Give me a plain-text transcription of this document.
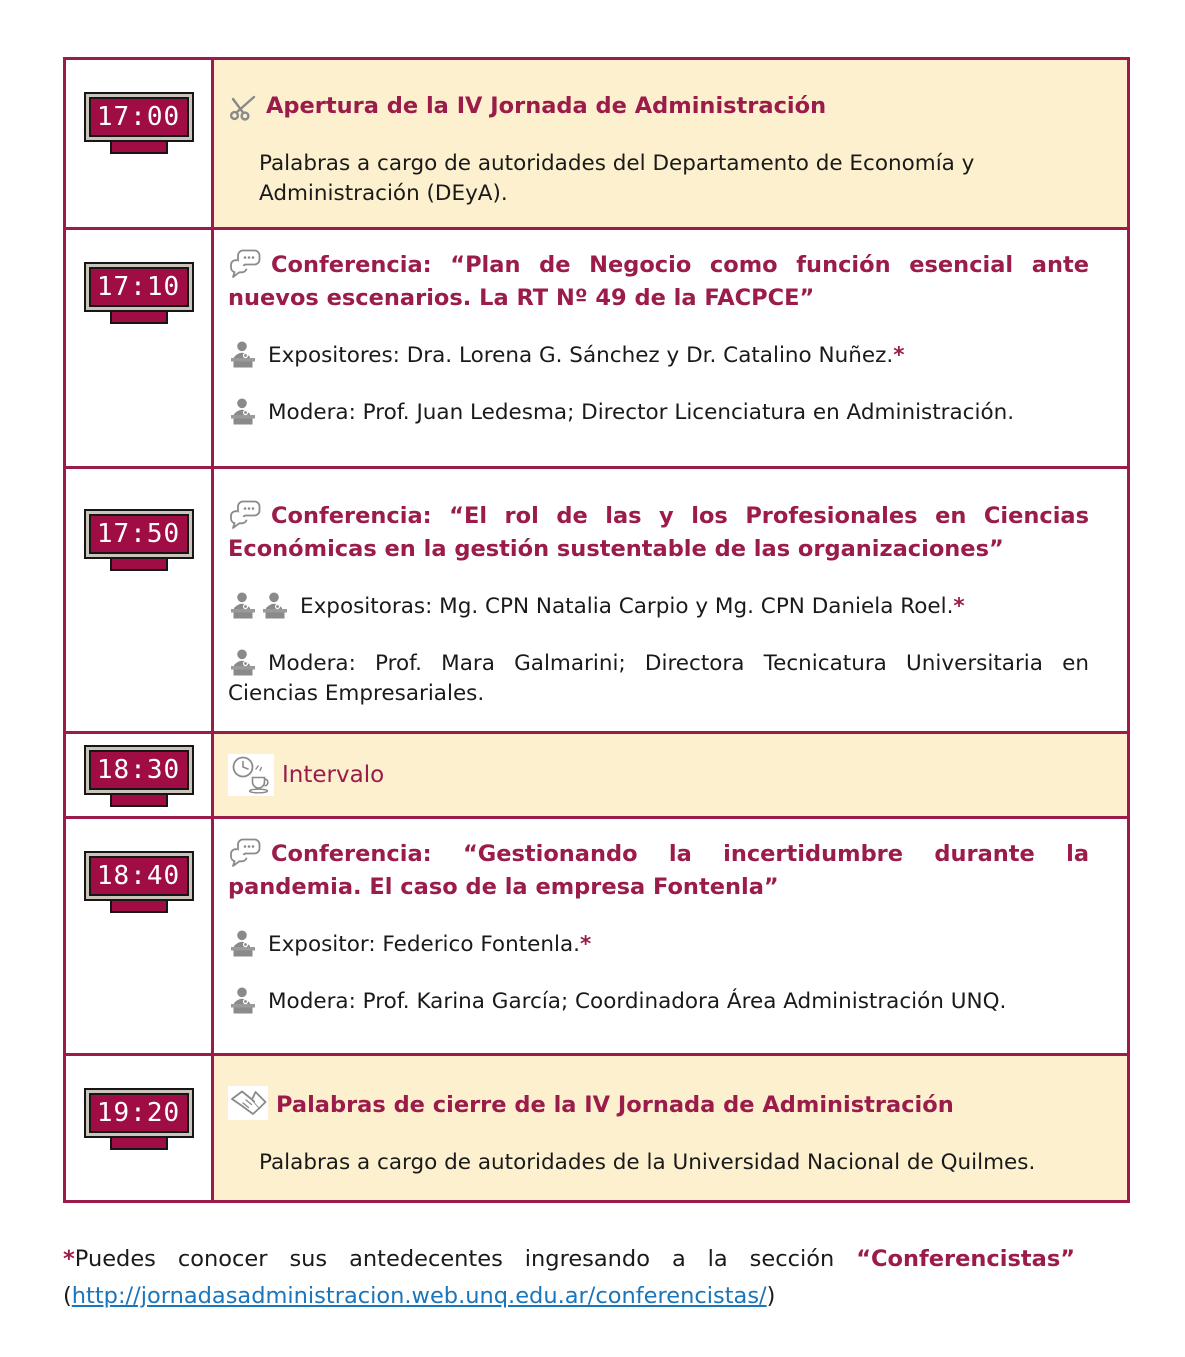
17:00	Apertura de la IV Jornada de Administración

Palabras a cargo de autoridades del Departamento de Economía y Administración (DEyA).

17:10
Conferencia: “Plan de Negocio como función esencial ante nuevos escenarios. La RT Nº 49 de la FACPCE”

Expositores: Dra. Lorena G. Sánchez y Dr. Catalino Nuñez.*

Modera: Prof. Juan Ledesma; Director Licenciatura en Administración.

17:50
Conferencia: “El rol de las y los Profesionales en Ciencias Económicas en la gestión sustentable de las organizaciones”

Expositoras: Mg. CPN Natalia Carpio y Mg. CPN Daniela Roel.*

Modera: Prof. Mara Galmarini; Directora Tecnicatura Universitaria en Ciencias Empresariales.

18:30	Intervalo
18:40
Conferencia: “Gestionando la incertidumbre durante la pandemia. El caso de la empresa Fontenla”

Expositor: Federico Fontenla.*

Modera: Prof. Karina García; Coordinadora Área Administración UNQ.

19:20	Palabras de cierre de la IV Jornada de Administración

Palabras a cargo de autoridades de la Universidad Nacional de Quilmes.

*Puedes conocer sus antedecentes ingresando a la sección “Conferencistas”

(http://jornadasadministracion.web.unq.edu.ar/conferencistas/)
